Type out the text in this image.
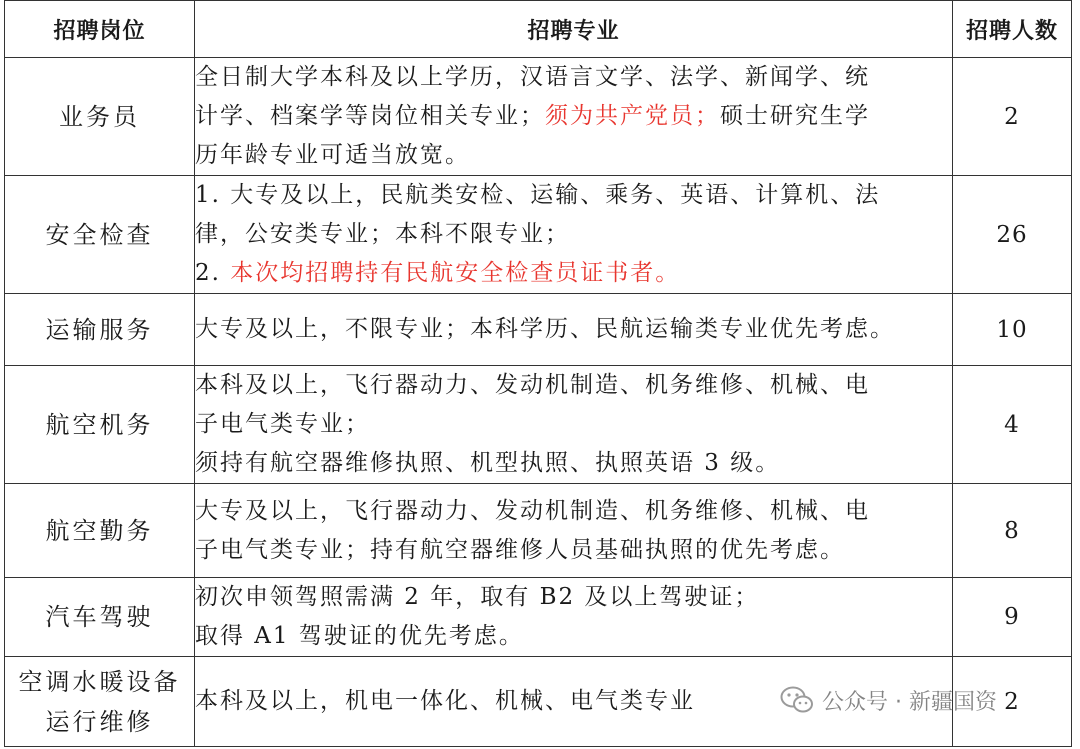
招聘岗位	招聘专业	招聘人数

业务员	全日制大学本科及以上学历，汉语言文学、法学、新闻学、统
计学、档案学等岗位相关专业；须为共产党员；硕士研究生学
历年龄专业可适当放宽。	2

安全检查	1. 大专及以上，民航类安检、运输、乘务、英语、计算机、法
律，公安类专业；本科不限专业；
2. 本次均招聘持有民航安全检查员证书者。	26

运输服务	大专及以上，不限专业；本科学历、民航运输类专业优先考虑。	10

航空机务	本科及以上，飞行器动力、发动机制造、机务维修、机械、电
子电气类专业；
须持有航空器维修执照、机型执照、执照英语 3 级。	4

航空勤务	大专及以上，飞行器动力、发动机制造、机务维修、机械、电
子电气类专业；持有航空器维修人员基础执照的优先考虑。	8

汽车驾驶	初次申领驾照需满 2 年，取有 B2 及以上驾驶证；
取得 A1 驾驶证的优先考虑。	9

空调水暖设备
运行维修	本科及以上，机电一体化、机械、电气类专业	2
公众号 · 新疆国资
